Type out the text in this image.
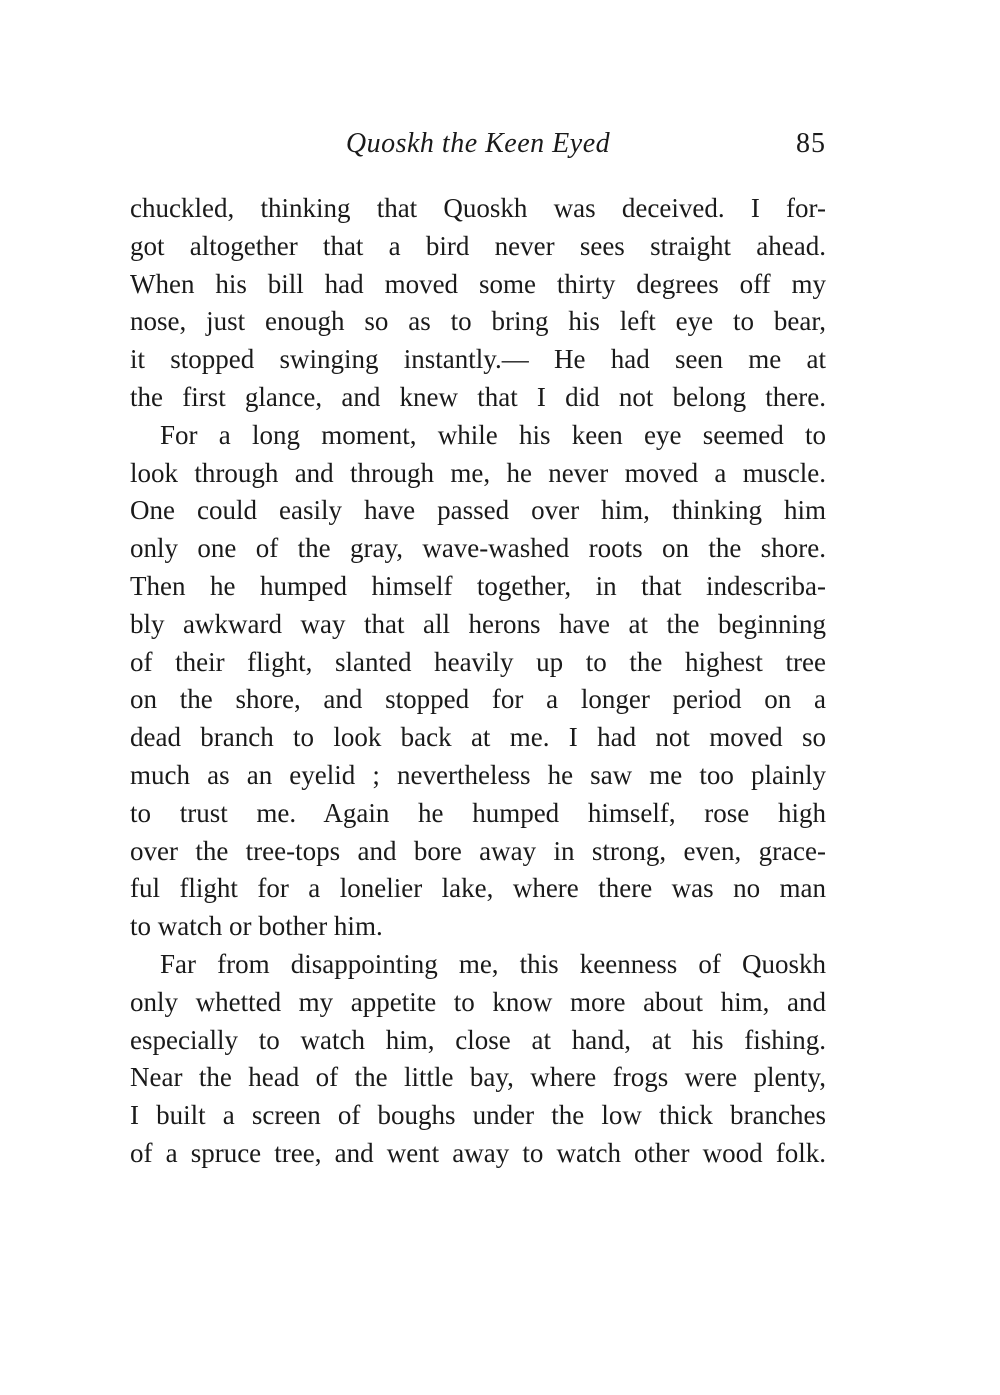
Quoskh the Keen Eyed	85
chuckled, thinking that Quoskh was deceived. I for-
got altogether that a bird never sees straight ahead.
When his bill had moved some thirty degrees off my
nose, just enough so as to bring his left eye to bear,
it stopped swinging instantly.— He had seen me at
the first glance, and knew that I did not belong there.
For a long moment, while his keen eye seemed to
look through and through me, he never moved a muscle.
One could easily have passed over him, thinking him
only one of the gray, wave-washed roots on the shore.
Then he humped himself together, in that indescriba-
bly awkward way that all herons have at the beginning
of their flight, slanted heavily up to the highest tree
on the shore, and stopped for a longer period on a
dead branch to look back at me. I had not moved so
much as an eyelid ; nevertheless he saw me too plainly
to trust me. Again he humped himself, rose high
over the tree-tops and bore away in strong, even, grace-
ful flight for a lonelier lake, where there was no man
to watch or bother him.
Far from disappointing me, this keenness of Quoskh
only whetted my appetite to know more about him, and
especially to watch him, close at hand, at his fishing.
Near the head of the little bay, where frogs were plenty,
I built a screen of boughs under the low thick branches
of a spruce tree, and went away to watch other wood folk.
